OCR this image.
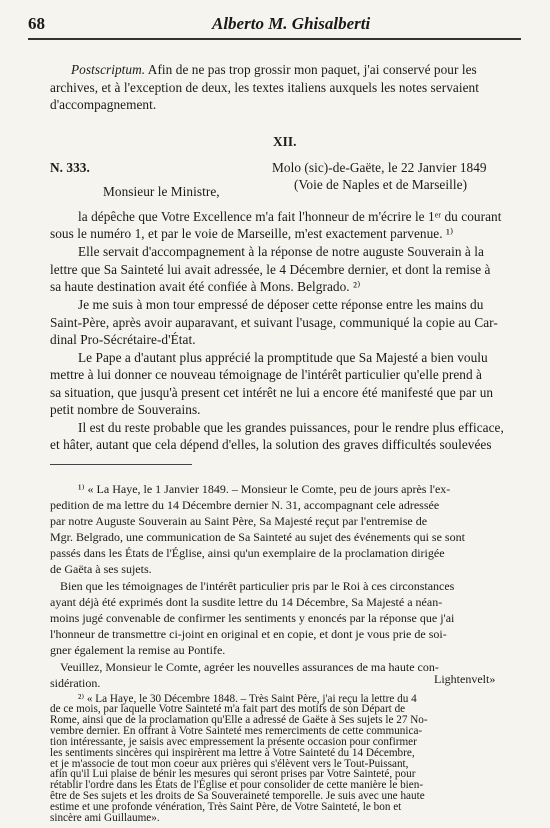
68	Alberto M. Ghisalberti
Postscriptum. Afin de ne pas trop grossir mon paquet, j'ai conservé pour les
archives, et à l'exception de deux, les textes italiens auxquels les notes servaient
d'accompagnement.
XII.
N. 333.	Molo (sic)-de-Gaëte, le 22 Janvier 1849
(Voie de Naples et de Marseille)
Monsieur le Ministre,
la dépêche que Votre Excellence m'a fait l'honneur de m'écrire le 1ᵉʳ du courant
sous le numéro 1, et par le voie de Marseille, m'est exactement parvenue. ¹⁾
Elle servait d'accompagnement à la réponse de notre auguste Souverain à la
lettre que Sa Sainteté lui avait adressée, le 4 Décembre dernier, et dont la remise à
sa haute destination avait été confiée à Mons. Belgrado. ²⁾
Je me suis à mon tour empressé de déposer cette réponse entre les mains du
Saint-Père, après avoir auparavant, et suivant l'usage, communiqué la copie au Car-
dinal Pro-Sécrétaire-d'État.
Le Pape a d'autant plus apprécié la promptitude que Sa Majesté a bien voulu
mettre à lui donner ce nouveau témoignage de l'intérêt particulier qu'elle prend à
sa situation, que jusqu'à present cet intérêt ne lui a encore été manifesté que par un
petit nombre de Souverains.
Il est du reste probable que les grandes puissances, pour le rendre plus efficace,
et hâter, autant que cela dépend d'elles, la solution des graves difficultés soulevées
¹⁾ « La Haye, le 1 Janvier 1849. – Monsieur le Comte, peu de jours après l'ex-
pedition de ma lettre du 14 Décembre dernier N. 31, accompagnant cele adressée
par notre Auguste Souverain au Saint Père, Sa Majesté reçut par l'entremise de
Mgr. Belgrado, une communication de Sa Sainteté au sujet des événements qui se sont
passés dans les États de l'Église, ainsi qu'un exemplaire de la proclamation dirigée
de Gaëta à ses sujets.
Bien que les témoignages de l'intérêt particulier pris par le Roi à ces circonstances
ayant déjà été exprimés dont la susdite lettre du 14 Décembre, Sa Majesté a néan-
moins jugé convenable de confirmer les sentiments y enoncés par la réponse que j'ai
l'honneur de transmettre ci-joint en original et en copie, et dont je vous prie de soi-
gner également la remise au Pontife.
Veuillez, Monsieur le Comte, agréer les nouvelles assurances de ma haute con-
sidération.	Lightenvelt»
²⁾ « La Haye, le 30 Décembre 1848. – Très Saint Père, j'ai reçu la lettre du 4
de ce mois, par laquelle Votre Sainteté m'a fait part des motifs de son Départ de
Rome, ainsi que de la proclamation qu'Elle a adressé de Gaëte à Ses sujets le 27 No-
vembre dernier. En offrant à Votre Sainteté mes remerciments de cette communica-
tion intéressante, je saisis avec empressement la présente occasion pour confirmer
les sentiments sincères qui inspirèrent ma lettre à Votre Sainteté du 14 Décembre,
et je m'associe de tout mon coeur aux prières qui s'élèvent vers le Tout-Puissant,
afin qu'il Lui plaise de bénir les mesures qui seront prises par Votre Sainteté, pour
rétablir l'ordre dans les États de l'Église et pour consolider de cette manière le bien-
être de Ses sujets et les droits de Sa Souveraineté temporelle. Je suis avec une haute
estime et une profonde vénération, Très Saint Père, de Votre Sainteté, le bon et
sincère ami Guillaume».
